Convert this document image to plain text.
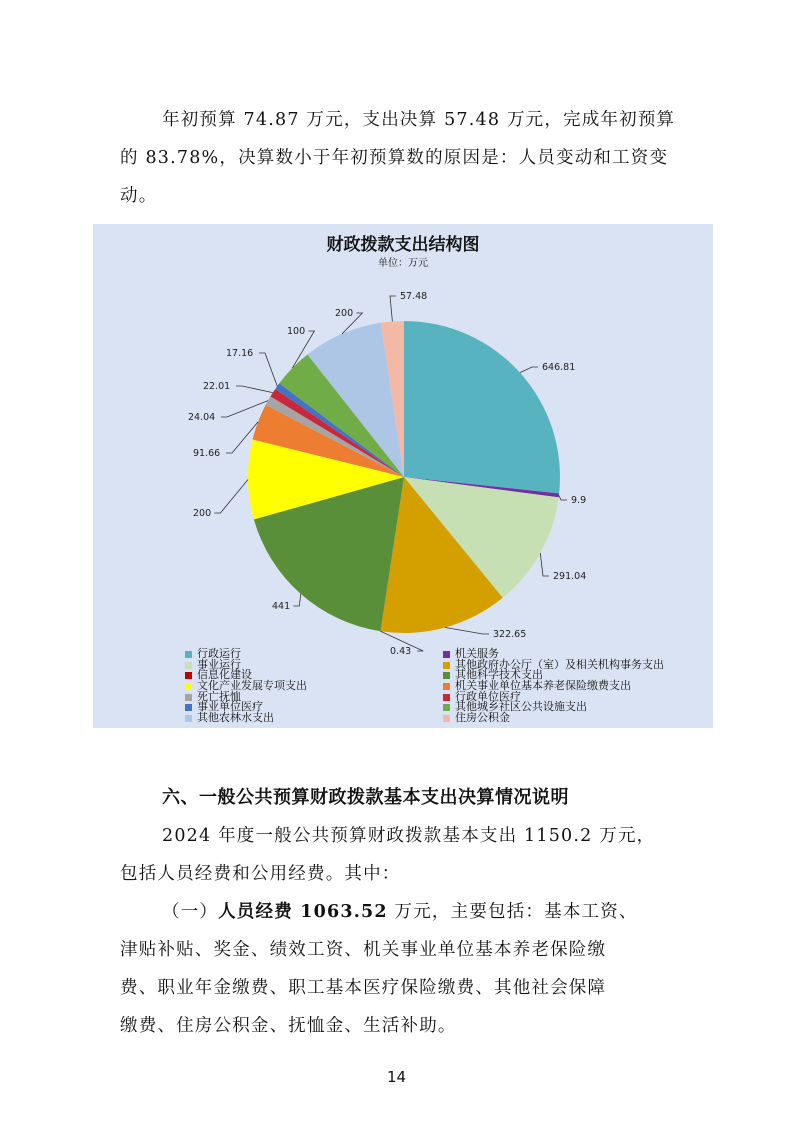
年初预算 74.87 万元，支出决算 57.48 万元，完成年初预算
的 83.78%，决算数小于年初预算数的原因是：人员变动和工资变
动。
财政拨款支出结构图
单位：万元
646.81
9.9
291.04
322.65
0.43
441
200
91.66
24.04
22.01
17.16
100
200
57.48
行政运行
事业运行
信息化建设
文化产业发展专项支出
死亡抚恤
事业单位医疗
其他农林水支出
机关服务
其他政府办公厅（室）及相关机构事务支出
其他科学技术支出
机关事业单位基本养老保险缴费支出
行政单位医疗
其他城乡社区公共设施支出
住房公积金
六、一般公共预算财政拨款基本支出决算情况说明
2024 年度一般公共预算财政拨款基本支出 1150.2 万元，
包括人员经费和公用经费。其中：
（一）人员经费 1063.52 万元，主要包括：基本工资、
津贴补贴、奖金、绩效工资、机关事业单位基本养老保险缴
费、职业年金缴费、职工基本医疗保险缴费、其他社会保障
缴费、住房公积金、抚恤金、生活补助。
14
